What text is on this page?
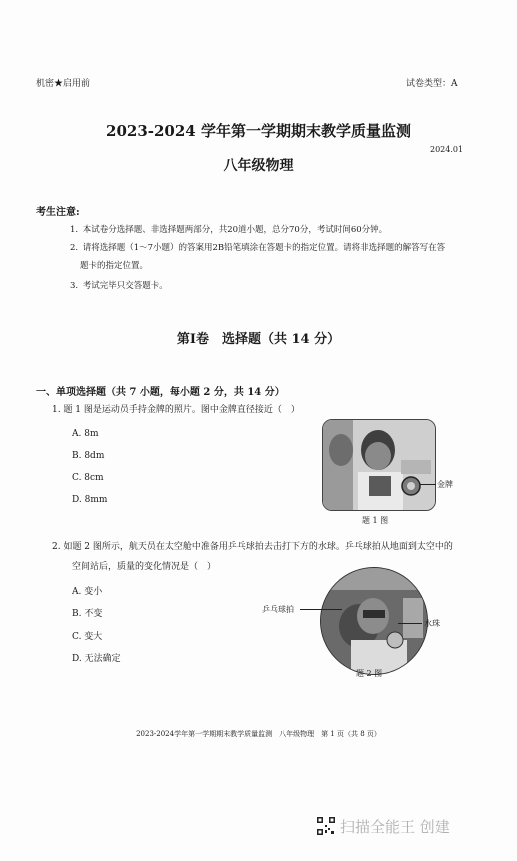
机密★启用前	试卷类型：A
2023-2024 学年第一学期期末教学质量监测
2024.01
八年级物理
考生注意:
1. 本试卷分选择题、非选择题两部分，共20道小题，总分70分，考试时间60分钟。
2. 请将选择题（1～7小题）的答案用2B铅笔填涂在答题卡的指定位置。请将非选择题的解答写在答
题卡的指定位置。
3. 考试完毕只交答题卡。
第Ⅰ卷　选择题（共 14 分）
一、单项选择题（共 7 小题，每小题 2 分，共 14 分）
1. 题 1 图是运动员手持金牌的照片。图中金牌直径接近（　）
A. 8m
B. 8dm
C. 8cm
D. 8mm
金牌
题 1 图
2. 如题 2 图所示，航天员在太空舱中准备用乒乓球拍去击打下方的水球。乒乓球拍从地面到太空中的
空间站后，质量的变化情况是（　）
A. 变小
B. 不变
C. 变大
D. 无法确定
乒乓球拍
水珠
题 2 图
2023-2024学年第一学期期末教学质量监测　八年级物理　第 1 页（共 8 页）
扫描全能王 创建
